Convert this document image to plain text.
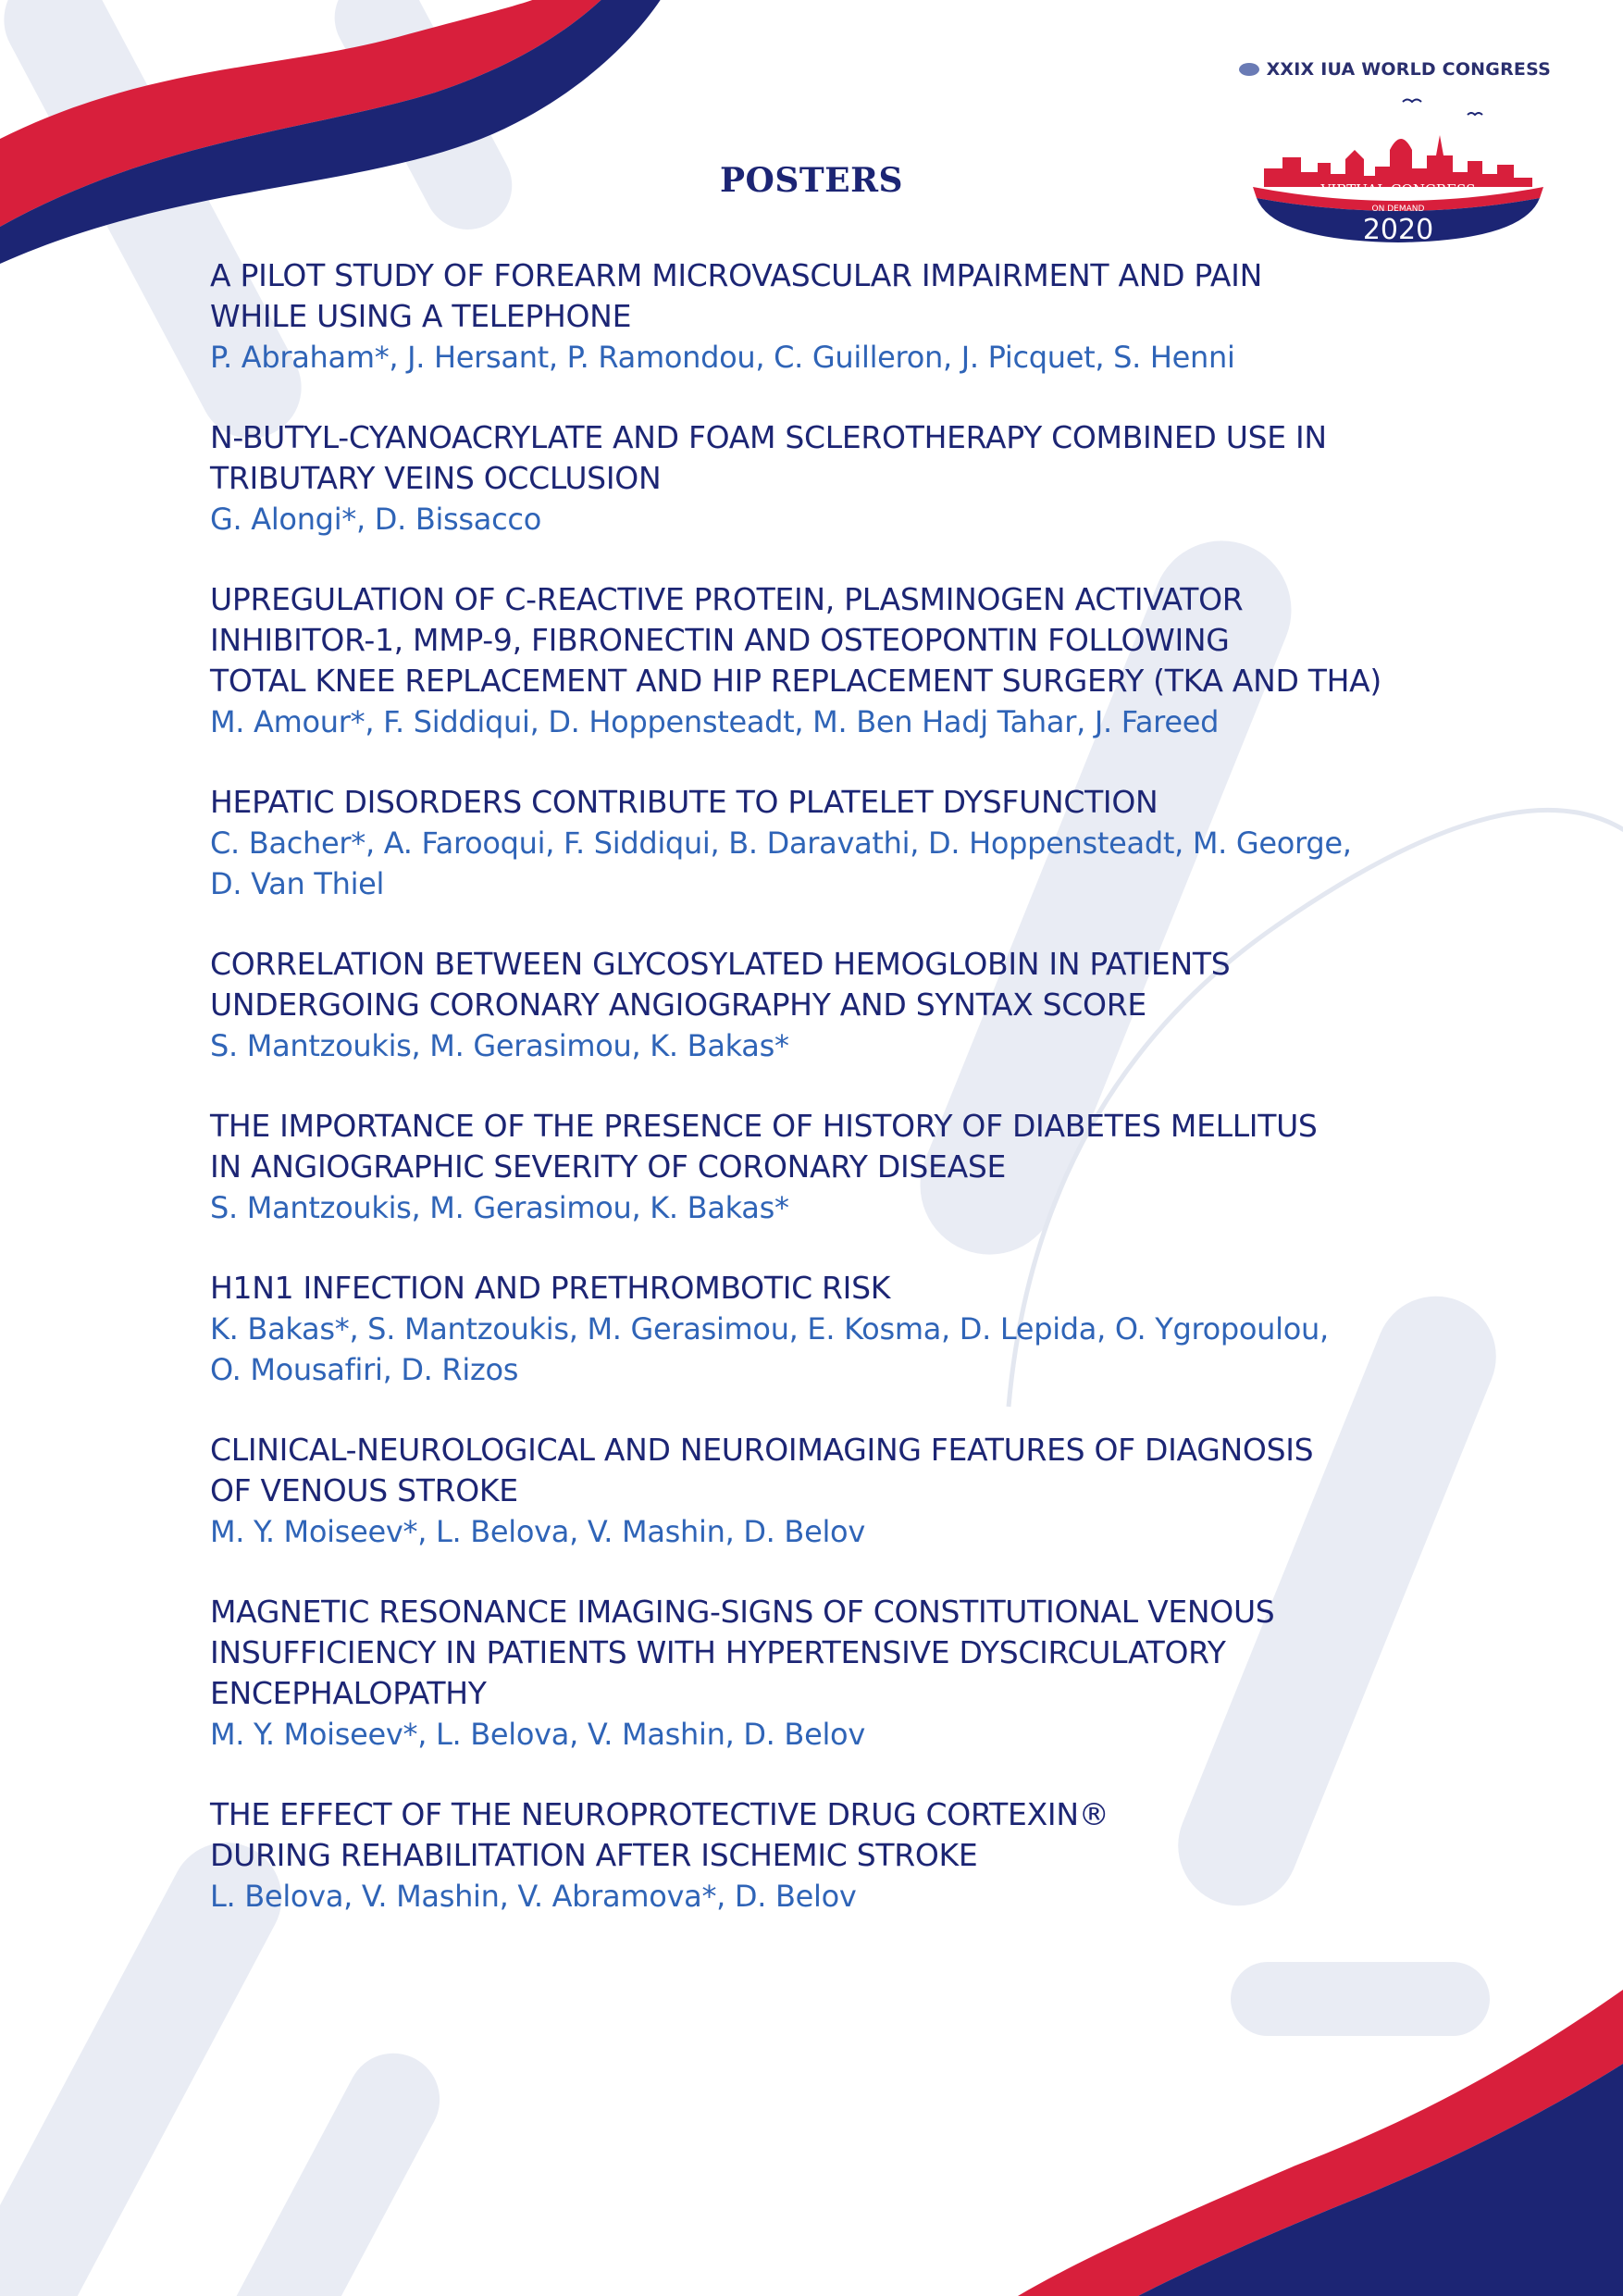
XXIX IUA WORLD CONGRESS
VIRTUAL CONGRESS
ON DEMAND
2020
POSTERS
A PILOT STUDY OF FOREARM MICROVASCULAR IMPAIRMENT AND PAIN
WHILE USING A TELEPHONE
P. Abraham*, J. Hersant, P. Ramondou, C. Guilleron, J. Picquet, S. Henni
N-BUTYL-CYANOACRYLATE AND FOAM SCLEROTHERAPY COMBINED USE IN
TRIBUTARY VEINS OCCLUSION
G. Alongi*, D. Bissacco
UPREGULATION OF C-REACTIVE PROTEIN, PLASMINOGEN ACTIVATOR
INHIBITOR-1, MMP-9, FIBRONECTIN AND OSTEOPONTIN FOLLOWING
TOTAL KNEE REPLACEMENT AND HIP REPLACEMENT SURGERY (TKA AND THA)
M. Amour*, F. Siddiqui, D. Hoppensteadt, M. Ben Hadj Tahar, J. Fareed
HEPATIC DISORDERS CONTRIBUTE TO PLATELET DYSFUNCTION
C. Bacher*, A. Farooqui, F. Siddiqui, B. Daravathi, D. Hoppensteadt, M. George,
D. Van Thiel
CORRELATION BETWEEN GLYCOSYLATED HEMOGLOBIN IN PATIENTS
UNDERGOING CORONARY ANGIOGRAPHY AND SYNTAX SCORE
S. Mantzoukis, M. Gerasimou, K. Bakas*
THE IMPORTANCE OF THE PRESENCE OF HISTORY OF DIABETES MELLITUS
IN ANGIOGRAPHIC SEVERITY OF CORONARY DISEASE
S. Mantzoukis, M. Gerasimou, K. Bakas*
H1N1 INFECTION AND PRETHROMBOTIC RISK
K. Bakas*, S. Mantzoukis, M. Gerasimou, E. Kosma, D. Lepida, O. Ygropoulou,
O. Mousafiri, D. Rizos
CLINICAL-NEUROLOGICAL AND NEUROIMAGING FEATURES OF DIAGNOSIS
OF VENOUS STROKE
M. Y. Moiseev*, L. Belova, V. Mashin, D. Belov
MAGNETIC RESONANCE IMAGING-SIGNS OF CONSTITUTIONAL VENOUS
INSUFFICIENCY IN PATIENTS WITH HYPERTENSIVE DYSCIRCULATORY
ENCEPHALOPATHY
M. Y. Moiseev*, L. Belova, V. Mashin, D. Belov
THE EFFECT OF THE NEUROPROTECTIVE DRUG CORTEXIN®
DURING REHABILITATION AFTER ISCHEMIC STROKE
L. Belova, V. Mashin, V. Abramova*, D. Belov
